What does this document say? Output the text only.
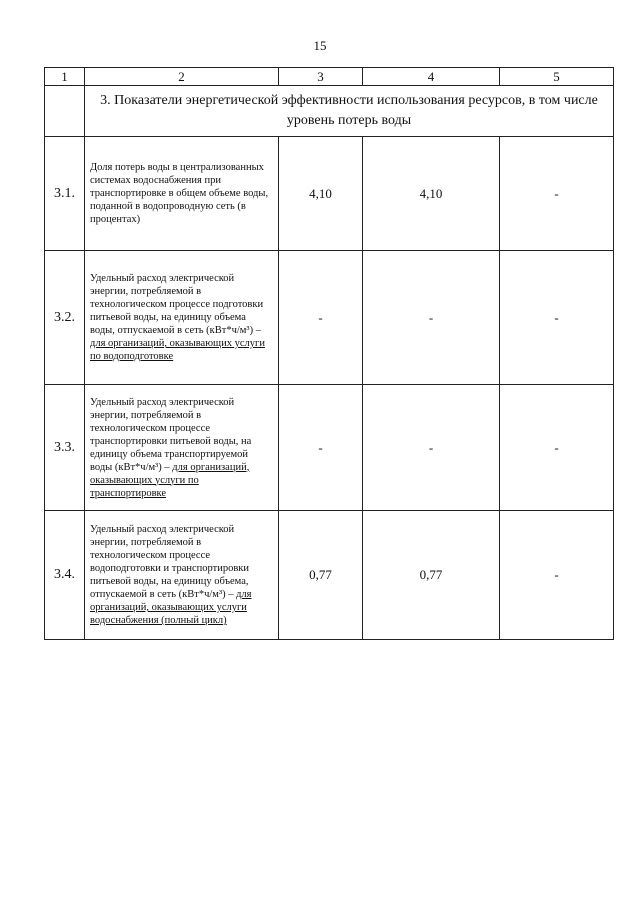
15
1	2	3	4	5
	3. Показатели энергетической эффективности использования ресурсов, в том числе уровень потерь воды			
3.1.	Доля потерь воды в централизованных системах водоснабжения при транспортировке в общем объеме воды, поданной в водопроводную сеть (в процентах)	4,10	4,10	-
3.2.	Удельный расход электрической энергии, потребляемой в технологическом процессе подготовки питьевой воды, на единицу объема воды, отпускаемой в сеть (кВт*ч/м³) – для организаций, оказывающих услуги по водоподготовке	-	-	-
3.3.	Удельный расход электрической энергии, потребляемой в технологическом процессе транспортировки питьевой воды, на единицу объема транспортируемой воды (кВт*ч/м³) – для организаций, оказывающих услуги по транспортировке	-	-	-
3.4.	Удельный расход электрической энергии, потребляемой в технологическом процессе водоподготовки и транспортировки питьевой воды, на единицу объема, отпускаемой в сеть (кВт*ч/м³) – для организаций, оказывающих услуги водоснабжения (полный цикл)	0,77	0,77	-
